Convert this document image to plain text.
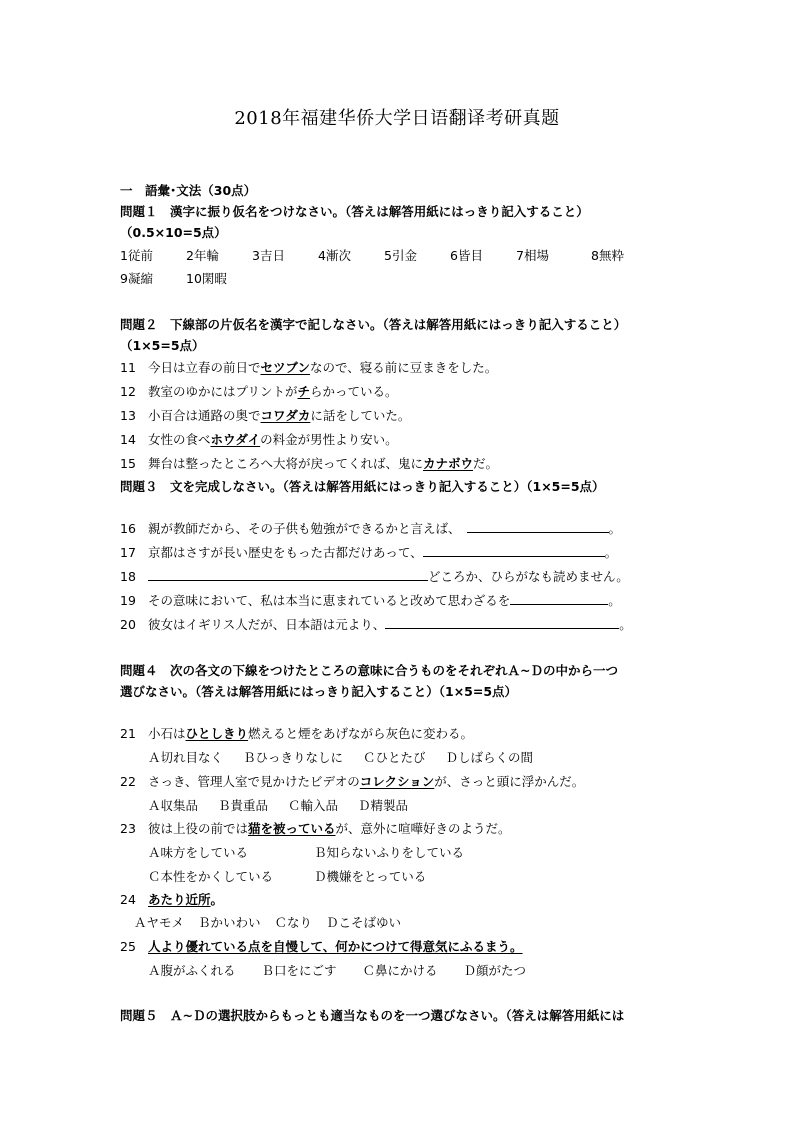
2018年福建华侨大学日语翻译考研真题
一　語彙･文法（30点）
問題１　漢字に振り仮名をつけなさい。（答えは解答用紙にはっきり記入すること）
（0.5×10=5点）
1従前	2年輪	3吉日	4漸次	5引金	6皆目	7相場	8無粋
9凝縮	10閑暇
問題２　下線部の片仮名を漢字で記しなさい。（答えは解答用紙にはっきり記入すること）
（1×5=5点）
11 今日は立春の前日でセツブンなので、寝る前に豆まきをした。
12 教室のゆかにはプリントがチらかっている。
13 小百合は通路の奥でコワダカに話をしていた。
14 女性の食べホウダイの料金が男性より安い。
15 舞台は整ったところへ大将が戻ってくれば、鬼にカナボウだ。
問題３　文を完成しなさい。（答えは解答用紙にはっきり記入すること）（1×5=5点）
16 親が教師だから、その子供も勉強ができるかと言えば、	。
17 京都はさすが長い歴史をもった古都だけあって、	。
18	どころか、ひらがなも読めません。
19 その意味において、私は本当に恵まれていると改めて思わざるを	。
20 彼女はイギリス人だが、日本語は元より、	。
問題４　次の各文の下線をつけたところの意味に合うものをそれぞれＡ~Ｄの中から一つ
選びなさい。（答えは解答用紙にはっきり記入すること）（1×5=5点）
21 小石はひとしきり燃えると煙をあげながら灰色に変わる。
Ａ切れ目なく Ｂひっきりなしに Ｃひとたび Ｄしばらくの間
22 さっき、管理人室で見かけたビデオのコレクションが、さっと頭に浮かんだ。
Ａ収集品 Ｂ貴重品 Ｃ輸入品 Ｄ精製品
23 彼は上役の前では猫を被っているが、意外に喧嘩好きのようだ。
Ａ味方をしている	Ｂ知らないふりをしている
Ｃ本性をかくしている	Ｄ機嫌をとっている
24 あたり近所。
Ａヤモメ Ｂかいわい Ｃなり Ｄこそばゆい
25 人より優れている点を自慢して、何かにつけて得意気にふるまう。
Ａ腹がふくれる Ｂ口をにごす Ｃ鼻にかける Ｄ顔がたつ
問題５　Ａ~Ｄの選択肢からもっとも適当なものを一つ選びなさい。（答えは解答用紙には
